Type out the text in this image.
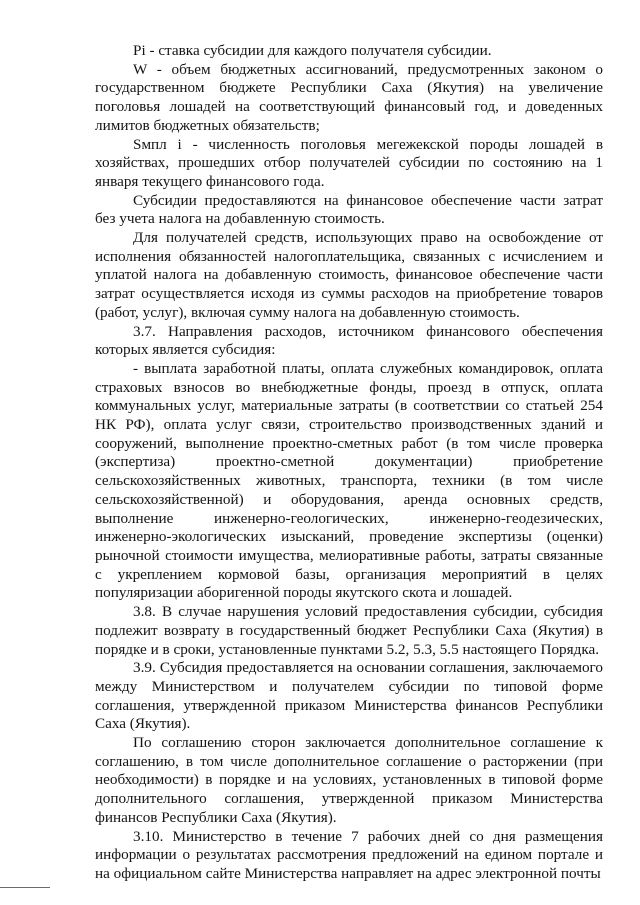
Pi - ставка субсидии для каждого получателя субсидии.

W - объем бюджетных ассигнований, предусмотренных законом о государственном бюджете Республики Саха (Якутия) на увеличение поголовья лошадей на соответствующий финансовый год, и доведенных лимитов бюджетных обязательств;

Sмпл i - численность поголовья мегежекской породы лошадей в хозяйствах, прошедших отбор получателей субсидии по состоянию на 1 января текущего финансового года.

Субсидии предоставляются на финансовое обеспечение части затрат без учета налога на добавленную стоимость.

Для получателей средств, использующих право на освобождение от исполнения обязанностей налогоплательщика, связанных с исчислением и уплатой налога на добавленную стоимость, финансовое обеспечение части затрат осуществляется исходя из суммы расходов на приобретение товаров (работ, услуг), включая сумму налога на добавленную стоимость.

3.7. Направления расходов, источником финансового обеспечения которых является субсидия:

- выплата заработной платы, оплата служебных командировок, оплата страховых взносов во внебюджетные фонды, проезд в отпуск, оплата коммунальных услуг, материальные затраты (в соответствии со статьей 254 НК РФ), оплата услуг связи, строительство производственных зданий и сооружений, выполнение проектно-сметных работ (в том числе проверка (экспертиза) проектно-сметной документации) приобретение сельскохозяйственных животных, транспорта, техники (в том числе сельскохозяйственной) и оборудования, аренда основных средств, выполнение инженерно-геологических, инженерно-геодезических, инженерно-экологических изысканий, проведение экспертизы (оценки) рыночной стоимости имущества, мелиоративные работы, затраты связанные с укреплением кормовой базы, организация мероприятий в целях популяризации аборигенной породы якутского скота и лошадей.

3.8. В случае нарушения условий предоставления субсидии, субсидия подлежит возврату в государственный бюджет Республики Саха (Якутия) в порядке и в сроки, установленные пунктами 5.2, 5.3, 5.5 настоящего Порядка.

3.9. Субсидия предоставляется на основании соглашения, заключаемого между Министерством и получателем субсидии по типовой форме соглашения, утвержденной приказом Министерства финансов Республики Саха (Якутия).

По соглашению сторон заключается дополнительное соглашение к соглашению, в том числе дополнительное соглашение о расторжении (при необходимости) в порядке и на условиях, установленных в типовой форме дополнительного соглашения, утвержденной приказом Министерства финансов Республики Саха (Якутия).

3.10. Министерство в течение 7 рабочих дней со дня размещения информации о результатах рассмотрения предложений на едином портале и на официальном сайте Министерства направляет на адрес электронной почты
